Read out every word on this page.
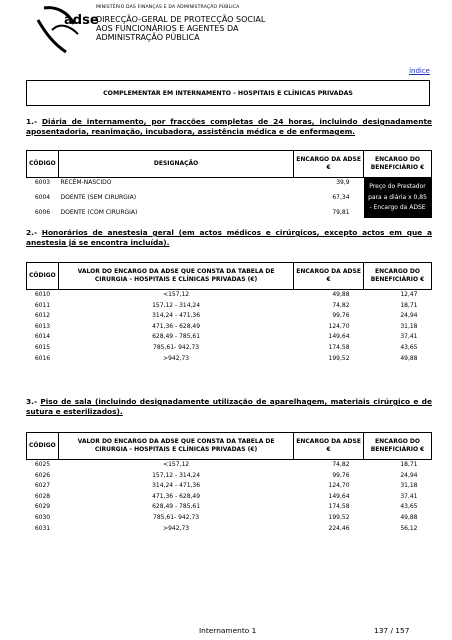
adse
MINISTÉRIO DAS FINANÇAS E DA ADMINISTRAÇÃO PÚBLICA
DIRECÇÃO-GERAL DE PROTECÇÃO SOCIAL
AOS FUNCIONÁRIOS E AGENTES DA
ADMINISTRAÇÃO PÚBLICA
índice
COMPLEMENTAR EM INTERNAMENTO - HOSPITAIS E CLÍNICAS PRIVADAS
1.- Diária de internamento, por fracções completas de 24 horas, incluindo designadamente aposentadoria, reanimação, incubadora, assistência médica e de enfermagem.
CÓDIGO	DESIGNAÇÃO	ENCARGO DA ADSE €	ENCARGO DO BENEFICIÁRIO €
6003	RECÉM-NASCIDO	39,9	Preço do Prestador para a diária x 0,85 - Encargo da ADSE
6004	DOENTE (SEM CIRURGIA)	67,34	
6006	DOENTE (COM CIRURGIA)	79,81	
2.- Honorários de anestesia geral (em actos médicos e cirúrgicos, excepto actos em que a anestesia já se encontra incluída).
CÓDIGO	VALOR DO ENCARGO DA ADSE QUE CONSTA DA TABELA DE CIRURGIA - HOSPITAIS E CLÍNICAS PRIVADAS (€)	ENCARGO DA ADSE €	ENCARGO DO BENEFICIÁRIO €
6010	<157,12	49,88	12,47
6011	157,12 - 314,24	74,82	18,71
6012	314,24 - 471,36	99,76	24,94
6013	471,36 - 628,49	124,70	31,18
6014	628,49 - 785,61	149,64	37,41
6015	785,61- 942,73	174,58	43,65
6016	>942,73	199,52	49,88
3.- Piso de sala (incluindo designadamente utilização de aparelhagem, materiais cirúrgico e de sutura e esterilizados).
CÓDIGO	VALOR DO ENCARGO DA ADSE QUE CONSTA DA TABELA DE CIRURGIA - HOSPITAIS E CLÍNICAS PRIVADAS (€)	ENCARGO DA ADSE €	ENCARGO DO BENEFICIÁRIO €
6025	<157,12	74,82	18,71
6026	157,12 - 314,24	99,76	24,94
6027	314,24 - 471,36	124,70	31,18
6028	471,36 - 628,49	149,64	37,41
6029	628,49 - 785,61	174,58	43,65
6030	785,61- 942,73	199,52	49,88
6031	>942,73	224,46	56,12
Internamento 1	137 / 157
